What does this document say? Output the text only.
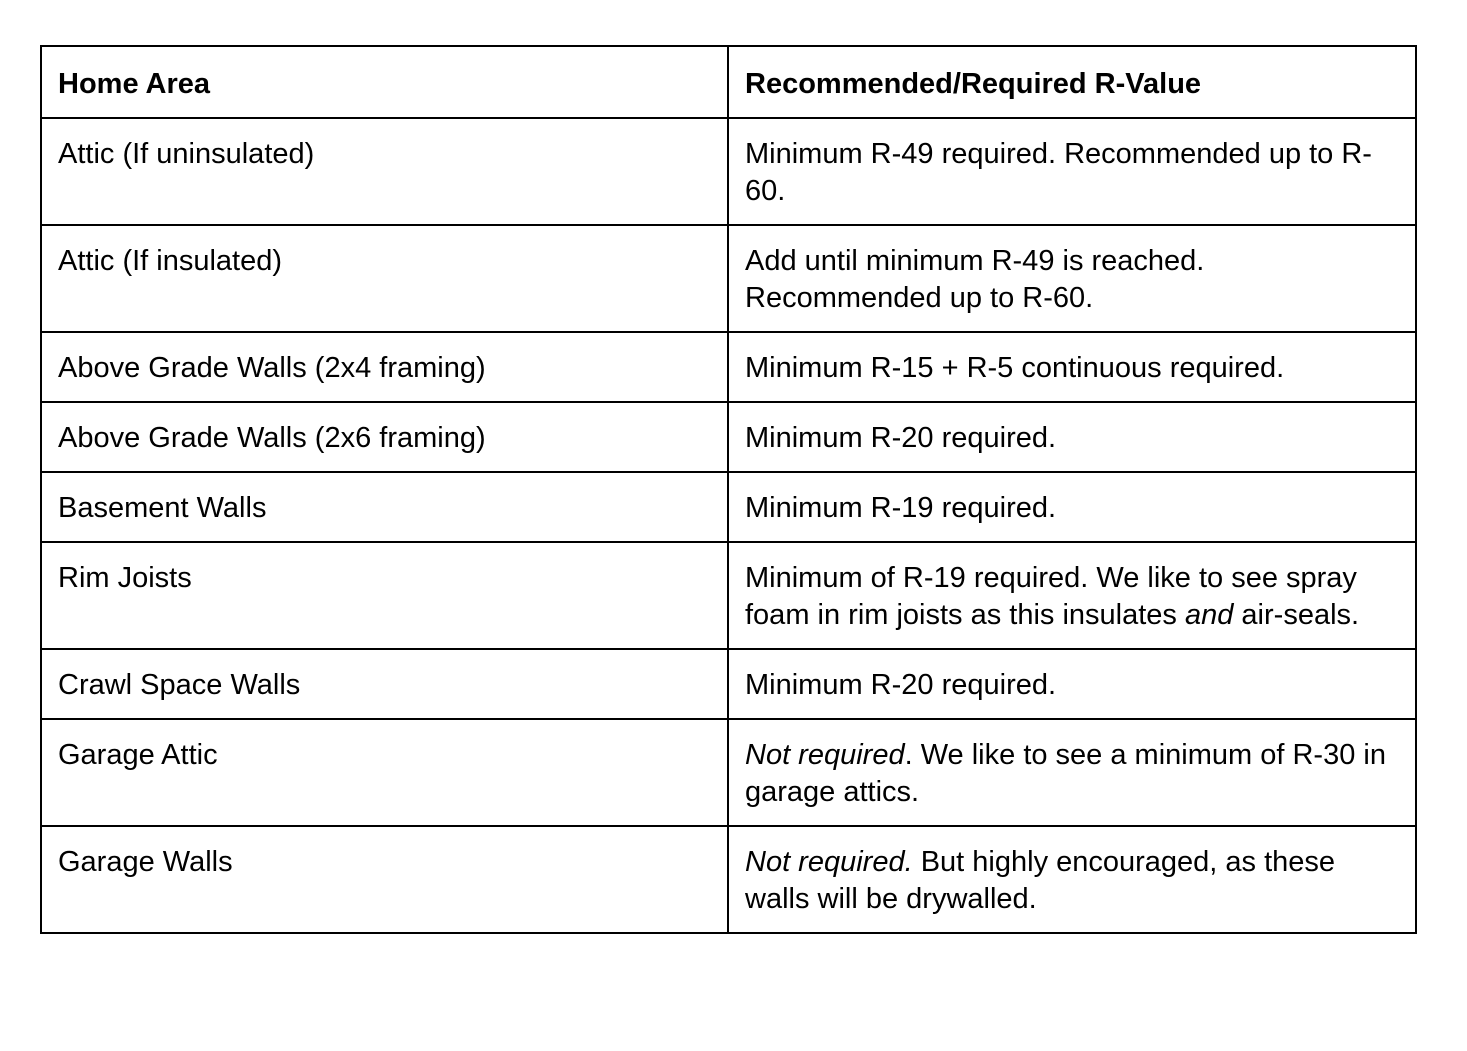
Home Area	Recommended/Required R-Value
Attic (If uninsulated)	Minimum R-49 required. Recommended up to R-60.
Attic (If insulated)	Add until minimum R-49 is reached. Recommended up to R-60.
Above Grade Walls (2x4 framing)	Minimum R-15 + R-5 continuous required.
Above Grade Walls (2x6 framing)	Minimum R-20 required.
Basement Walls	Minimum R-19 required.
Rim Joists	Minimum of R-19 required. We like to see spray foam in rim joists as this insulates and air-seals.
Crawl Space Walls	Minimum R-20 required.
Garage Attic	Not required. We like to see a minimum of R-30 in garage attics.
Garage Walls	Not required. But highly encouraged, as these walls will be drywalled.
